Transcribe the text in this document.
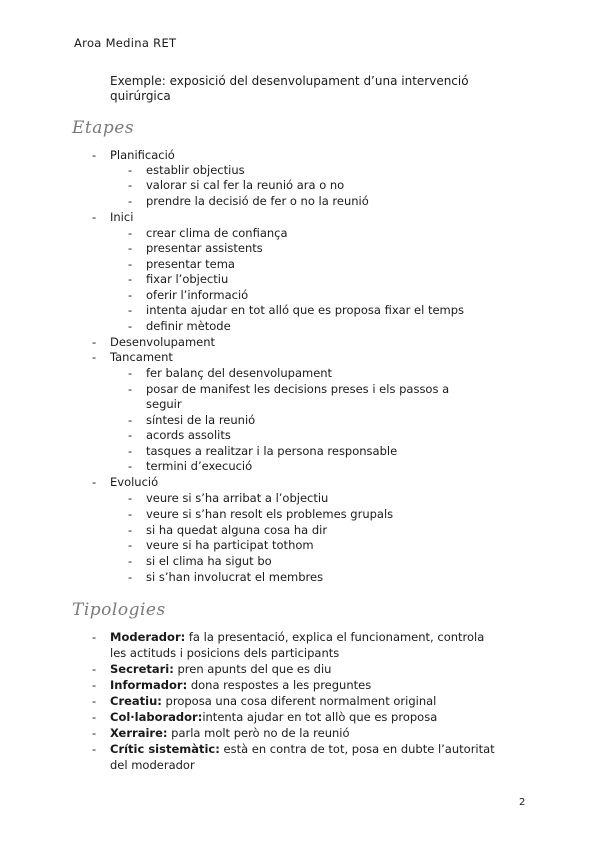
Aroa Medina RET
Exemple: exposició del desenvolupament d’una intervenció quirúrgica
Etapes
- Planificació
- establir objectius
- valorar si cal fer la reunió ara o no
- prendre la decisió de fer o no la reunió
- Inici
- crear clima de confiança
- presentar assistents
- presentar tema
- fixar l’objectiu
- oferir l’informació
- intenta ajudar en tot alló que es proposa fixar el temps
- definir mètode
- Desenvolupament
- Tancament
- fer balanç del desenvolupament
- posar de manifest les decisions preses i els passos a
seguir
- síntesi de la reunió
- acords assolits
- tasques a realitzar i la persona responsable
- termini d’execució
- Evolució
- veure si s’ha arribat a l’objectiu
- veure si s’han resolt els problemes grupals
- si ha quedat alguna cosa ha dir
- veure si ha participat tothom
- si el clima ha sigut bo
- si s’han involucrat el membres
Tipologies
- Moderador: fa la presentació, explica el funcionament, controla
les actituds i posicions dels participants
- Secretari: pren apunts del que es diu
- Informador: dona respostes a les preguntes
- Creatiu: proposa una cosa diferent normalment original
- Col·laborador:intenta ajudar en tot allò que es proposa
- Xerraire: parla molt però no de la reunió
- Crític sistemàtic: està en contra de tot, posa en dubte l’autoritat
del moderador
2
